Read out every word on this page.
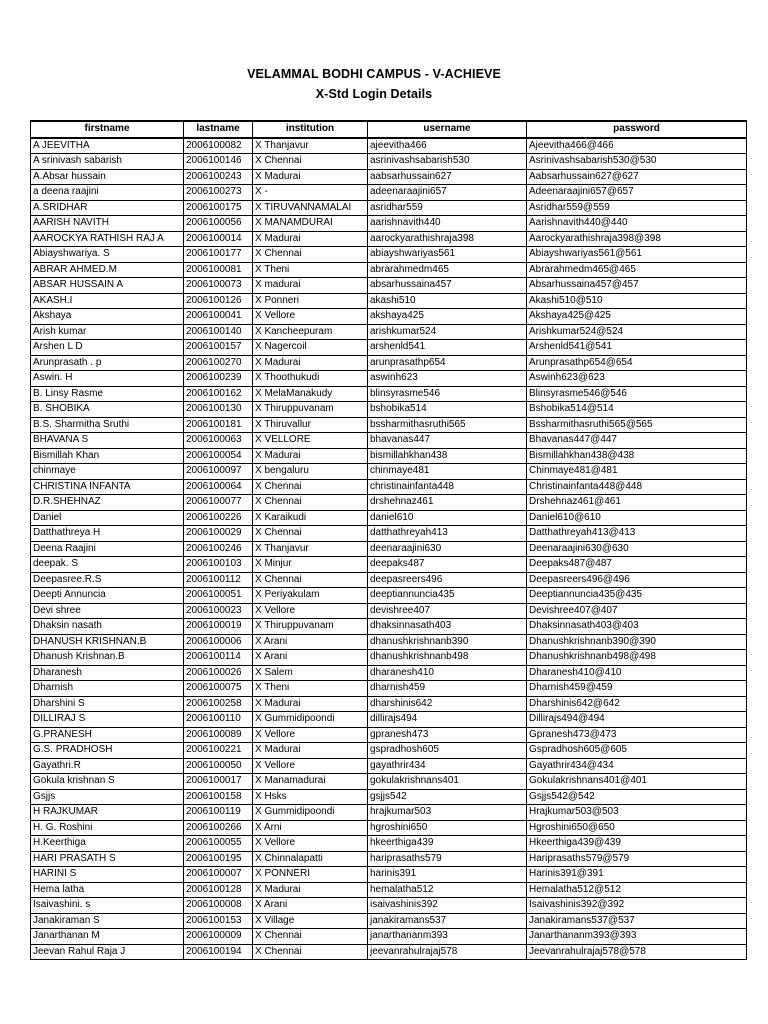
VELAMMAL BODHI CAMPUS - V-ACHIEVE
X-Std Login Details
firstname	lastname	institution	username	password
A JEEVITHA	2006100082	X Thanjavur	ajeevitha466	Ajeevitha466@466
A srinivash sabarish	2006100146	X Chennai	asrinivashsabarish530	Asrinivashsabarish530@530
A.Absar hussain	2006100243	X Madurai	aabsarhussain627	Aabsarhussain627@627
a deena raajini	2006100273	X -	adeenaraajini657	Adeenaraajini657@657
A.SRIDHAR	2006100175	X TIRUVANNAMALAI	asridhar559	Asridhar559@559
AARISH NAVITH	2006100056	X MANAMDURAI	aarishnavith440	Aarishnavith440@440
AAROCKYA RATHISH RAJ A	2006100014	X Madurai	aarockyarathishraja398	Aarockyarathishraja398@398
Abiayshwariya. S	2006100177	X Chennai	abiayshwariyas561	Abiayshwariyas561@561
ABRAR AHMED.M	2006100081	X Theni	abrarahmedm465	Abrarahmedm465@465
ABSAR HUSSAIN A	2006100073	X madurai	absarhussaina457	Absarhussaina457@457
AKASH.I	2006100126	X Ponneri	akashi510	Akashi510@510
Akshaya	2006100041	X Vellore	akshaya425	Akshaya425@425
Arish kumar	2006100140	X Kancheepuram	arishkumar524	Arishkumar524@524
Arshen L D	2006100157	X Nagercoil	arshenld541	Arshenld541@541
Arunprasath . p	2006100270	X Madurai	arunprasathp654	Arunprasathp654@654
Aswin. H	2006100239	X Thoothukudi	aswinh623	Aswinh623@623
B. Linsy Rasme	2006100162	X MelaManakudy	blinsyrasme546	Blinsyrasme546@546
B. SHOBIKA	2006100130	X Thiruppuvanam	bshobika514	Bshobika514@514
B.S. Sharmitha Sruthi	2006100181	X Thiruvallur	bssharmithasruthi565	Bssharmithasruthi565@565
BHAVANA S	2006100063	X VELLORE	bhavanas447	Bhavanas447@447
Bismillah Khan	2006100054	X Madurai	bismillahkhan438	Bismillahkhan438@438
chinmaye	2006100097	X bengaluru	chinmaye481	Chinmaye481@481
CHRISTINA INFANTA	2006100064	X Chennai	christinainfanta448	Christinainfanta448@448
D.R.SHEHNAZ	2006100077	X Chennai	drshehnaz461	Drshehnaz461@461
Daniel	2006100226	X Karaikudi	daniel610	Daniel610@610
Datthathreya H	2006100029	X Chennai	datthathreyah413	Datthathreyah413@413
Deena Raajini	2006100246	X Thanjavur	deenaraajini630	Deenaraajini630@630
deepak. S	2006100103	X Minjur	deepaks487	Deepaks487@487
Deepasree.R.S	2006100112	X Chennai	deepasreers496	Deepasreers496@496
Deepti Annuncia	2006100051	X Periyakulam	deeptiannuncia435	Deeptiannuncia435@435
Devi shree	2006100023	X Vellore	devishree407	Devishree407@407
Dhaksin nasath	2006100019	X Thiruppuvanam	dhaksinnasath403	Dhaksinnasath403@403
DHANUSH KRISHNAN.B	2006100006	X Arani	dhanushkrishnanb390	Dhanushkrishnanb390@390
Dhanush Krishnan.B	2006100114	X Arani	dhanushkrishnanb498	Dhanushkrishnanb498@498
Dharanesh	2006100026	X Salem	dharanesh410	Dharanesh410@410
Dharnish	2006100075	X Theni	dharnish459	Dharnish459@459
Dharshini S	2006100258	X Madurai	dharshinis642	Dharshinis642@642
DILLIRAJ S	2006100110	X Gummidipoondi	dillirajs494	Dillirajs494@494
G.PRANESH	2006100089	X Vellore	gpranesh473	Gpranesh473@473
G.S. PRADHOSH	2006100221	X Madurai	gspradhosh605	Gspradhosh605@605
Gayathri.R	2006100050	X Vellore	gayathrir434	Gayathrir434@434
Gokula krishnan S	2006100017	X Manamadurai	gokulakrishnans401	Gokulakrishnans401@401
Gsjjs	2006100158	X Hsks	gsjjs542	Gsjjs542@542
H RAJKUMAR	2006100119	X Gummidipoondi	hrajkumar503	Hrajkumar503@503
H. G. Roshini	2006100266	X Arni	hgroshini650	Hgroshini650@650
H.Keerthiga	2006100055	X Vellore	hkeerthiga439	Hkeerthiga439@439
HARI PRASATH S	2006100195	X Chinnalapatti	hariprasaths579	Hariprasaths579@579
HARINI S	2006100007	X PONNERI	harinis391	Harinis391@391
Hema latha	2006100128	X Madurai	hemalatha512	Hemalatha512@512
Isaivashini. s	2006100008	X Arani	isaivashinis392	Isaivashinis392@392
Janakiraman S	2006100153	X Village	janakiramans537	Janakiramans537@537
Janarthanan M	2006100009	X Chennai	janarthananm393	Janarthananm393@393
Jeevan Rahul Raja J	2006100194	X Chennai	jeevanrahulrajaj578	Jeevanrahulrajaj578@578
